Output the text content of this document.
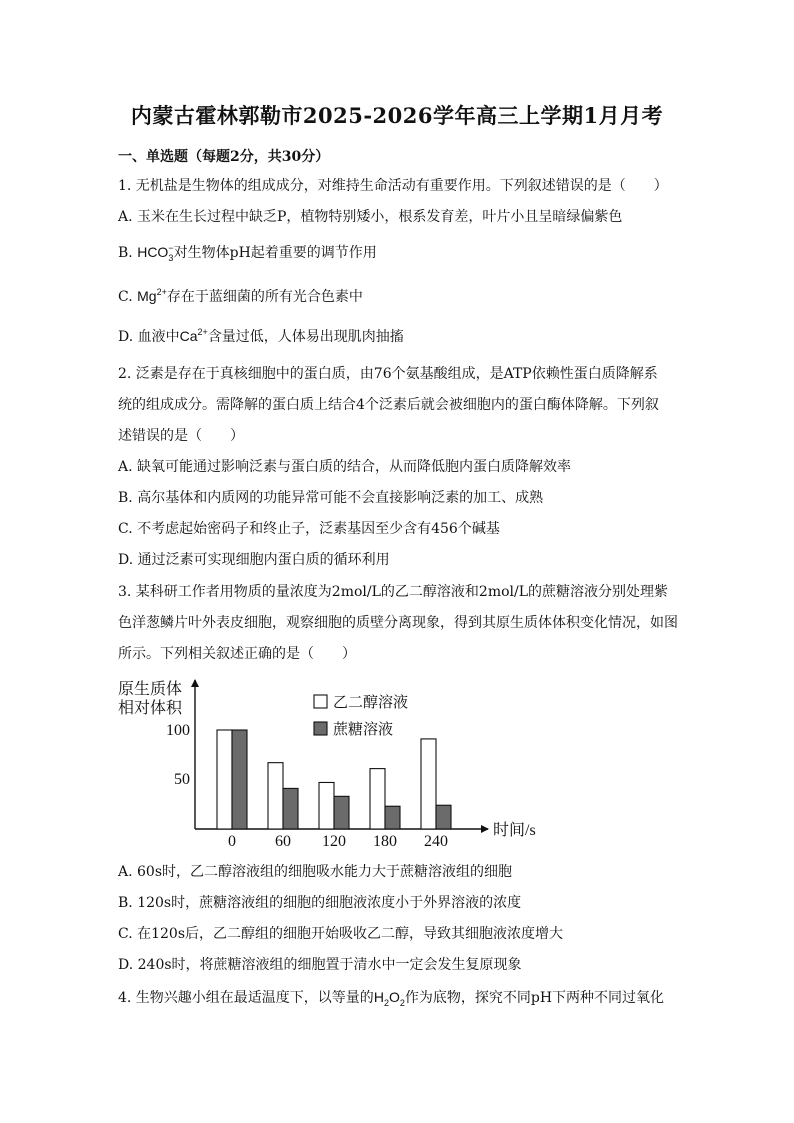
内蒙古霍林郭勒市2025-2026学年高三上学期1月月考
一、单选题（每题2分，共30分）
1. 无机盐是生物体的组成成分，对维持生命活动有重要作用。下列叙述错误的是（　　）
A. 玉米在生长过程中缺乏P，植物特别矮小，根系发育差，叶片小且呈暗绿偏紫色
B. $HCO_3^-$对生物体pH起着重要的调节作用
C. $Mg^{2+}$存在于蓝细菌的所有光合色素中
D. 血液中$Ca^{2+}$含量过低，人体易出现肌肉抽搐
2. 泛素是存在于真核细胞中的蛋白质，由76个氨基酸组成，是ATP依赖性蛋白质降解系
统的组成成分。需降解的蛋白质上结合4个泛素后就会被细胞内的蛋白酶体降解。下列叙
述错误的是（　　）
A. 缺氧可能通过影响泛素与蛋白质的结合，从而降低胞内蛋白质降解效率
B. 高尔基体和内质网的功能异常可能不会直接影响泛素的加工、成熟
C. 不考虑起始密码子和终止子，泛素基因至少含有456个碱基
D. 通过泛素可实现细胞内蛋白质的循环利用
3. 某科研工作者用物质的量浓度为2mol/L的乙二醇溶液和2mol/L的蔗糖溶液分别处理紫
色洋葱鳞片叶外表皮细胞，观察细胞的质壁分离现象，得到其原生质体体积变化情况，如图
所示。下列相关叙述正确的是（　　）
原生质体
相对体积
时间/s
100
50
0 60 120 180 240
乙二醇溶液
蔗糖溶液
A. 60s时，乙二醇溶液组的细胞吸水能力大于蔗糖溶液组的细胞
B. 120s时，蔗糖溶液组的细胞的细胞液浓度小于外界溶液的浓度
C. 在120s后，乙二醇组的细胞开始吸收乙二醇，导致其细胞液浓度增大
D. 240s时，将蔗糖溶液组的细胞置于清水中一定会发生复原现象
4. 生物兴趣小组在最适温度下，以等量的$H_2O_2$作为底物，探究不同pH下两种不同过氧化
